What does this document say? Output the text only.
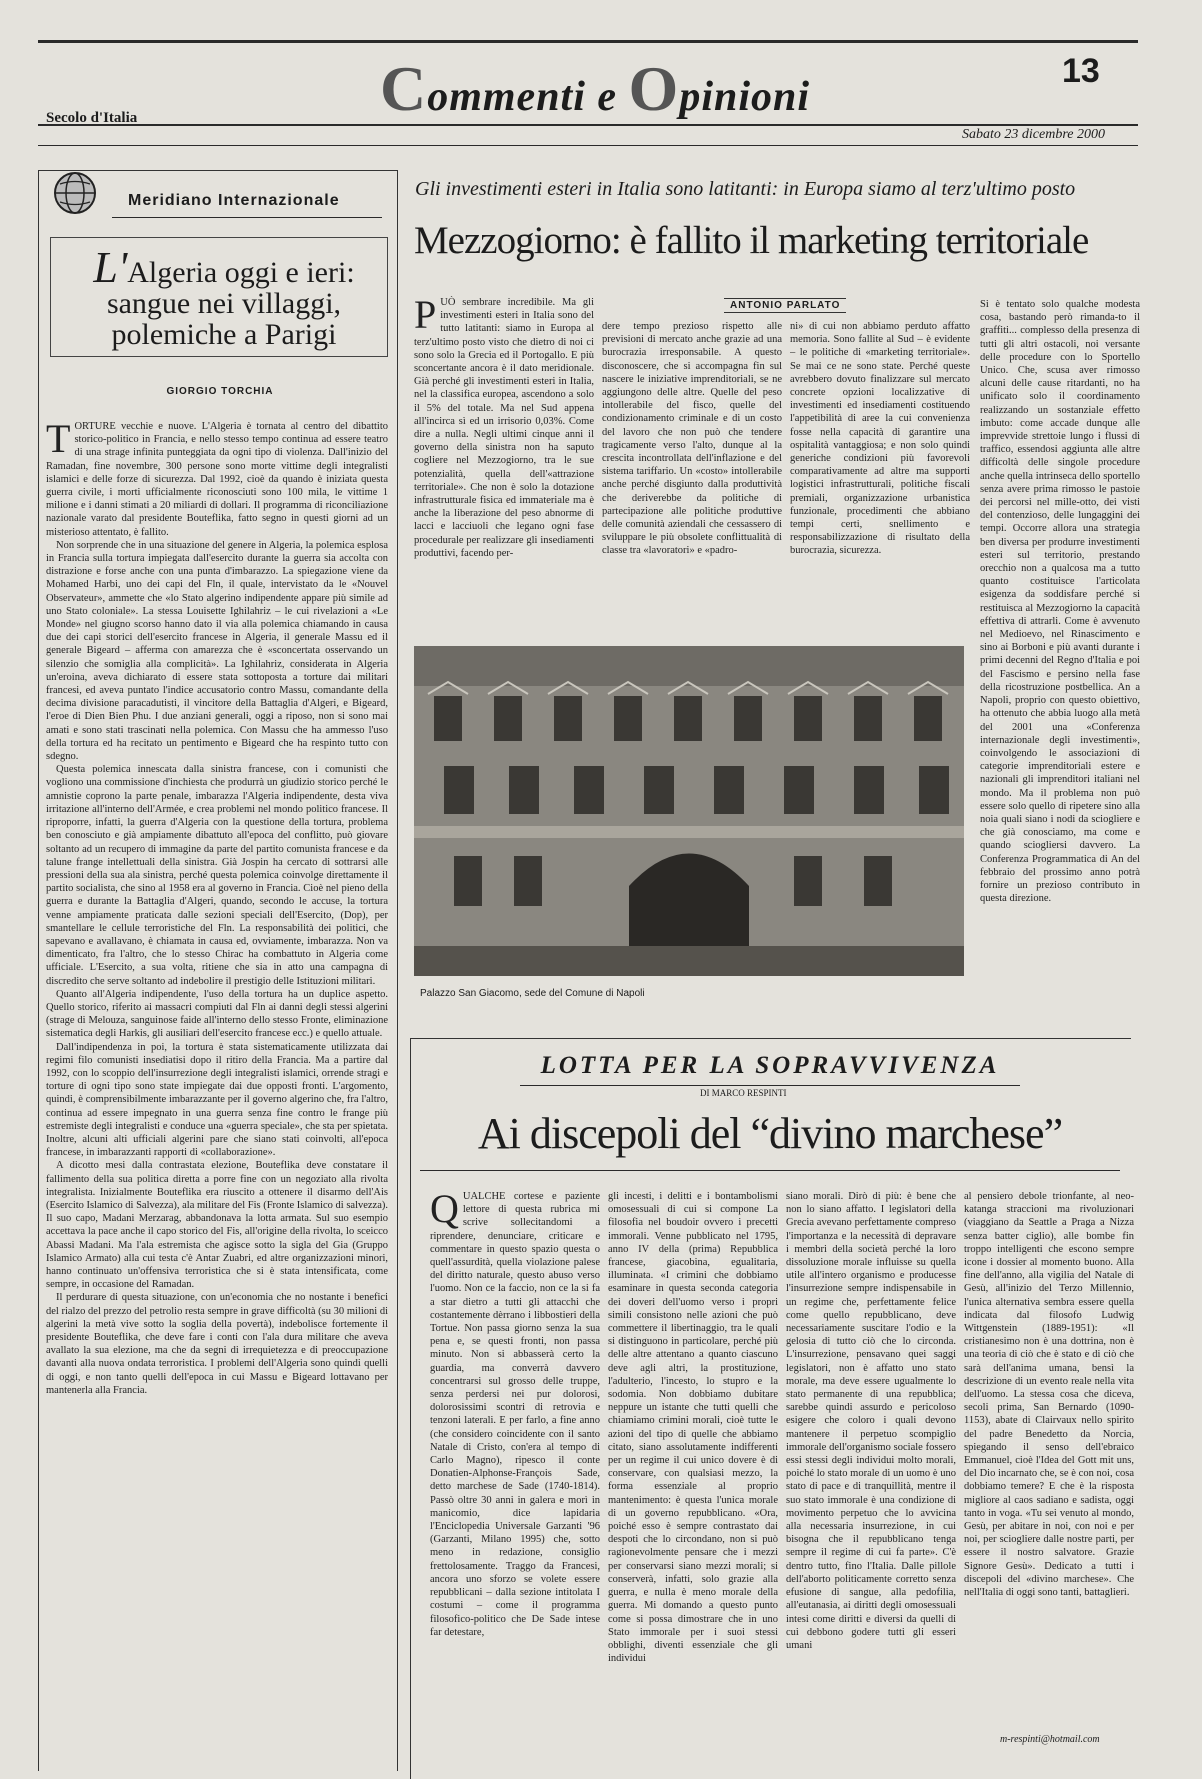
Commenti e Opinioni
13
Secolo d'Italia
Sabato 23 dicembre 2000
Meridiano Internazionale
L'Algeria oggi e ieri:
sangue nei villaggi,
polemiche a Parigi
GIORGIO TORCHIA
T ORTURE vecchie e nuove. L'Algeria è tornata al centro del dibattito storico-politico in Francia, e nello stesso tempo continua ad essere teatro di una strage infinita punteggiata da ogni tipo di violenza. Dall'inizio del Ramadan, fine novembre, 300 persone sono morte vittime degli integralisti islamici e delle forze di sicurezza. Dal 1992, cioè da quando è iniziata questa guerra civile, i morti ufficialmente riconosciuti sono 100 mila, le vittime 1 milione e i danni stimati a 20 miliardi di dollari. Il programma di riconciliazione nazionale varato dal presidente Bouteflika, fatto segno in questi giorni ad un misterioso attentato, è fallito.

Non sorprende che in una situazione del genere in Algeria, la polemica esplosa in Francia sulla tortura impiegata dall'esercito durante la guerra sia accolta con distrazione e forse anche con una punta d'imbarazzo. La spiegazione viene da Mohamed Harbi, uno dei capi del Fln, il quale, intervistato da le «Nouvel Observateur», ammette che «lo Stato algerino indipendente appare più simile ad uno Stato coloniale». La stessa Louisette Ighilahriz – le cui rivelazioni a «Le Monde» nel giugno scorso hanno dato il via alla polemica chiamando in causa due dei capi storici dell'esercito francese in Algeria, il generale Massu ed il generale Bigeard – afferma con amarezza che è «sconcertata osservando un silenzio che somiglia alla complicità». La Ighilahriz, considerata in Algeria un'eroina, aveva dichiarato di essere stata sottoposta a torture dai militari francesi, ed aveva puntato l'indice accusatorio contro Massu, comandante della decima divisione paracadutisti, il vincitore della Battaglia d'Algeri, e Bigeard, l'eroe di Dien Bien Phu. I due anziani generali, oggi a riposo, non si sono mai amati e sono stati trascinati nella polemica. Con Massu che ha ammesso l'uso della tortura ed ha recitato un pentimento e Bigeard che ha respinto tutto con sdegno.

Questa polemica innescata dalla sinistra francese, con i comunisti che vogliono una commissione d'inchiesta che produrrà un giudizio storico perché le amnistie coprono la parte penale, imbarazza l'Algeria indipendente, desta viva irritazione all'interno dell'Armée, e crea problemi nel mondo politico francese. Il riproporre, infatti, la guerra d'Algeria con la questione della tortura, problema ben conosciuto e già ampiamente dibattuto all'epoca del conflitto, può giovare soltanto ad un recupero di immagine da parte del partito comunista francese e da talune frange intellettuali della sinistra. Già Jospin ha cercato di sottrarsi alle pressioni della sua ala sinistra, perché questa polemica coinvolge direttamente il partito socialista, che sino al 1958 era al governo in Francia. Cioè nel pieno della guerra e durante la Battaglia d'Algeri, quando, secondo le accuse, la tortura venne ampiamente praticata dalle sezioni speciali dell'Esercito, (Dop), per smantellare le cellule terroristiche del Fln. La responsabilità dei politici, che sapevano e avallavano, è chiamata in causa ed, ovviamente, imbarazza. Non va dimenticato, fra l'altro, che lo stesso Chirac ha combattuto in Algeria come ufficiale. L'Esercito, a sua volta, ritiene che sia in atto una campagna di discredito che serve soltanto ad indebolire il prestigio delle Istituzioni militari.

Quanto all'Algeria indipendente, l'uso della tortura ha un duplice aspetto. Quello storico, riferito ai massacri compiuti dal Fln ai danni degli stessi algerini (strage di Melouza, sanguinose faide all'interno dello stesso Fronte, eliminazione sistematica degli Harkis, gli ausiliari dell'esercito francese ecc.) e quello attuale.

Dall'indipendenza in poi, la tortura è stata sistematicamente utilizzata dai regimi filo comunisti insediatisi dopo il ritiro della Francia. Ma a partire dal 1992, con lo scoppio dell'insurrezione degli integralisti islamici, orrende stragi e torture di ogni tipo sono state impiegate dai due opposti fronti. L'argomento, quindi, è comprensibilmente imbarazzante per il governo algerino che, fra l'altro, continua ad essere impegnato in una guerra senza fine contro le frange più estremiste degli integralisti e conduce una «guerra speciale», che sta per spietata. Inoltre, alcuni alti ufficiali algerini pare che siano stati coinvolti, all'epoca francese, in imbarazzanti rapporti di «collaborazione».

A dicotto mesi dalla contrastata elezione, Bouteflika deve constatare il fallimento della sua politica diretta a porre fine con un negoziato alla rivolta integralista. Inizialmente Bouteflika era riuscito a ottenere il disarmo dell'Ais (Esercito Islamico di Salvezza), ala militare del Fis (Fronte Islamico di salvezza). Il suo capo, Madani Merzarag, abbandonava la lotta armata. Sul suo esempio accettava la pace anche il capo storico del Fis, all'origine della rivolta, lo sceicco Abassi Madani. Ma l'ala estremista che agisce sotto la sigla del Gia (Gruppo Islamico Armato) alla cui testa c'è Antar Zuabri, ed altre organizzazioni minori, hanno continuato un'offensiva terroristica che si è stata intensificata, come sempre, in occasione del Ramadan.

Il perdurare di questa situazione, con un'economia che no nostante i benefici del rialzo del prezzo del petrolio resta sempre in grave difficoltà (su 30 milioni di algerini la metà vive sotto la soglia della povertà), indebolisce fortemente il presidente Bouteflika, che deve fare i conti con l'ala dura militare che aveva avallato la sua elezione, ma che da segni di irrequietezza e di preoccupazione davanti alla nuova ondata terroristica. I problemi dell'Algeria sono quindi quelli di oggi, e non tanto quelli dell'epoca in cui Massu e Bigeard lottavano per mantenerla alla Francia.

Gli investimenti esteri in Italia sono latitanti: in Europa siamo al terz'ultimo posto
Mezzogiorno: è fallito il marketing territoriale
ANTONIO PARLATO
PUÒ sembrare incredibile. Ma gli investimenti esteri in Italia sono del tutto latitanti: siamo in Europa al terz'ultimo posto visto che dietro di noi ci sono solo la Grecia ed il Portogallo. E più sconcertante ancora è il dato meridionale. Già perché gli investimenti esteri in Italia, nel la classifica europea, ascendono a solo il 5% del totale. Ma nel Sud appena all'incirca sì ed un irrisorio 0,03%. Come dire a nulla. Negli ultimi cinque anni il governo della sinistra non ha saputo cogliere nel Mezzogiorno, tra le sue potenzialità, quella dell'«attrazione territoriale». Che non è solo la dotazione infrastrutturale fisica ed immateriale ma è anche la liberazione del peso abnorme di lacci e lacciuoli che legano ogni fase procedurale per realizzare gli insediamenti produttivi, facendo per-
dere tempo prezioso rispetto alle previsioni di mercato anche grazie ad una burocrazia irresponsabile. A questo disconoscere, che si accompagna fin sul nascere le iniziative imprenditoriali, se ne aggiungono delle altre. Quelle del peso intollerabile del fisco, quelle del condizionamento criminale e di un costo del lavoro che non può che tendere tragicamente verso l'alto, dunque al la crescita incontrollata dell'inflazione e del sistema tariffario. Un «costo» intollerabile anche perché disgiunto dalla produttività che deriverebbe da politiche di partecipazione alle politiche produttive delle comunità aziendali che cessassero di sviluppare le più obsolete conflittualità di classe tra «lavoratori» e «padro-
ni» di cui non abbiamo perduto affatto memoria. Sono fallite al Sud – è evidente – le politiche di «marketing territoriale». Se mai ce ne sono state. Perché queste avrebbero dovuto finalizzare sul mercato concrete opzioni localizzative di investimenti ed insediamenti costituendo l'appetibilità di aree la cui convenienza fosse nella capacità di garantire una ospitalità vantaggiosa; e non solo quindi generiche condizioni più favorevoli comparativamente ad altre ma supporti logistici infrastrutturali, politiche fiscali premiali, organizzazione urbanistica funzionale, procedimenti che abbiano tempi certi, snellimento e responsabilizzazione di risultato della burocrazia, sicurezza.
Si è tentato solo qualche modesta cosa, bastando però rimanda-to il graffiti... complesso della presenza di tutti gli altri ostacoli, noi versante delle procedure con lo Sportello Unico. Che, scusa aver rimosso alcuni delle cause ritardanti, no ha unificato solo il coordinamento realizzando un sostanziale effetto imbuto: come accade dunque alle imprevvide strettoie lungo i flussi di traffico, essendosi aggiunta alle altre difficoltà delle singole procedure anche quella intrinseca dello sportello senza avere prima rimosso le pastoie dei percorsi nel mille-otto, dei visti del contenzioso, delle lungaggini dei tempi. Occorre allora una strategia ben diversa per produrre investimenti esteri sul territorio, prestando orecchio non a qualcosa ma a tutto quanto costituisce l'articolata esigenza da soddisfare perché si restituisca al Mezzogiorno la capacità effettiva di attrarli. Come è avvenuto nel Medioevo, nel Rinascimento e sino ai Borboni e più avanti durante i primi decenni del Regno d'Italia e poi del Fascismo e persino nella fase della ricostruzione postbellica. An a Napoli, proprio con questo obiettivo, ha ottenuto che abbia luogo alla metà del 2001 una «Conferenza internazionale degli investimenti», coinvolgendo le associazioni di categorie imprenditoriali estere e nazionali gli imprenditori italiani nel mondo. Ma il problema non può essere solo quello di ripetere sino alla noia quali siano i nodi da sciogliere e che già conosciamo, ma come e quando sciogliersi davvero. La Conferenza Programmatica di An del febbraio del prossimo anno potrà fornire un prezioso contributo in questa direzione.
Palazzo San Giacomo, sede del Comune di Napoli
LOTTA PER LA SOPRAVVIVENZA
DI MARCO RESPINTI
Ai discepoli del “divino marchese”
QUALCHE cortese e paziente lettore di questa rubrica mi scrive sollecitandomi a riprendere, denunciare, criticare e commentare in questo spazio questa o quell'assurdità, quella violazione palese del diritto naturale, questo abuso verso l'uomo. Non ce la faccio, non ce la si fa a star dietro a tutti gli attacchi che costantemente dèrrano i libbostieri della Tortue. Non passa giorno senza la sua pena e, se questi fronti, non passa minuto. Non si abbasserà certo la guardia, ma converrà davvero concentrarsi sul grosso delle truppe, senza perdersi nei pur dolorosi, dolorosissimi scontri di retrovia e tenzoni laterali. E per farlo, a fine anno (che considero coincidente con il santo Natale di Cristo, con'era al tempo di Carlo Magno), ripesco il conte Donatien-Alphonse-François Sade, detto marchese de Sade (1740-1814). Passò oltre 30 anni in galera e morì in manicomio, dice lapidaria l'Enciclopedia Universale Garzanti '96 (Garzanti, Milano 1995) che, sotto meno in redazione, consiglio frettolosamente. Traggo da Francesi, ancora uno sforzo se volete essere repubblicani – dalla sezione intitolata I costumi – come il programma filosofico-politico che De Sade intese far detestare,
gli incesti, i delitti e i bontambolismi omosessuali di cui si compone La filosofia nel boudoir ovvero i precetti immorali. Venne pubblicato nel 1795, anno IV della (prima) Repubblica francese, giacobina, egualitaria, illuminata. «I crimini che dobbiamo esaminare in questa seconda categoria dei doveri dell'uomo verso i propri simili consistono nelle azioni che può commettere il libertinaggio, tra le quali si distinguono in particolare, perché più delle altre attentano a quanto ciascuno deve agli altri, la prostituzione, l'adulterio, l'incesto, lo stupro e la sodomia. Non dobbiamo dubitare neppure un istante che tutti quelli che chiamiamo crimini morali, cioè tutte le azioni del tipo di quelle che abbiamo citato, siano assolutamente indifferenti per un regime il cui unico dovere è di conservare, con qualsiasi mezzo, la forma essenziale al proprio mantenimento: è questa l'unica morale di un governo repubblicano. «Ora, poiché esso è sempre contrastato dai despoti che lo circondano, non si può ragionevolmente pensare che i mezzi per conservarsi siano mezzi morali; si conserverà, infatti, solo grazie alla guerra, e nulla è meno morale della guerra. Mi domando a questo punto come si possa dimostrare che in uno Stato immorale per i suoi stessi obblighi, diventi essenziale che gli individui
siano morali. Dirò di più: è bene che non lo siano affatto. I legislatori della Grecia avevano perfettamente compreso l'importanza e la necessità di depravare i membri della società perché la loro dissoluzione morale influisse su quella utile all'intero organismo e producesse l'insurrezione sempre indispensabile in un regime che, perfettamente felice come quello repubblicano, deve necessariamente suscitare l'odio e la gelosia di tutto ciò che lo circonda. L'insurrezione, pensavano quei saggi legislatori, non è affatto uno stato morale, ma deve essere ugualmente lo stato permanente di una repubblica; sarebbe quindi assurdo e pericoloso esigere che coloro i quali devono mantenere il perpetuo scompiglio immorale dell'organismo sociale fossero essi stessi degli individui molto morali, poiché lo stato morale di un uomo è uno stato di pace e di tranquillità, mentre il suo stato immorale è una condizione di movimento perpetuo che lo avvicina alla necessaria insurrezione, in cui bisogna che il repubblicano tenga sempre il regime di cui fa parte». C'è dentro tutto, fino l'Italia. Dalle pillole dell'aborto politicamente corretto senza efusione di sangue, alla pedofilia, all'eutanasia, ai diritti degli omosessuali intesi come diritti e diversi da quelli di cui debbono godere tutti gli esseri umani
al pensiero debole trionfante, al neo-katanga straccioni ma rivoluzionari (viaggiano da Seattle a Praga a Nizza senza batter ciglio), alle bombe fin troppo intelligenti che escono sempre icone i dossier al momento buono. Alla fine dell'anno, alla vigilia del Natale di Gesù, all'inizio del Terzo Millennio, l'unica alternativa sembra essere quella indicata dal filosofo Ludwig Wittgenstein (1889-1951): «Il cristianesimo non è una dottrina, non è una teoria di ciò che è stato e di ciò che sarà dell'anima umana, bensì la descrizione di un evento reale nella vita dell'uomo. La stessa cosa che diceva, secoli prima, San Bernardo (1090-1153), abate di Clairvaux nello spirito del padre Benedetto da Norcia, spiegando il senso dell'ebraico Emmanuel, cioè l'Idea del Gott mit uns, del Dio incarnato che, se è con noi, cosa dobbiamo temere? E che è la risposta migliore al caos sadiano e sadista, oggi tanto in voga. «Tu sei venuto al mondo, Gesù, per abitare in noi, con noi e per noi, per sciogliere dalle nostre parti, per essere il nostro salvatore. Grazie Signore Gesù». Dedicato a tutti i discepoli del «divino marchese». Che nell'Italia di oggi sono tanti, battaglieri.
m-respinti@hotmail.com
